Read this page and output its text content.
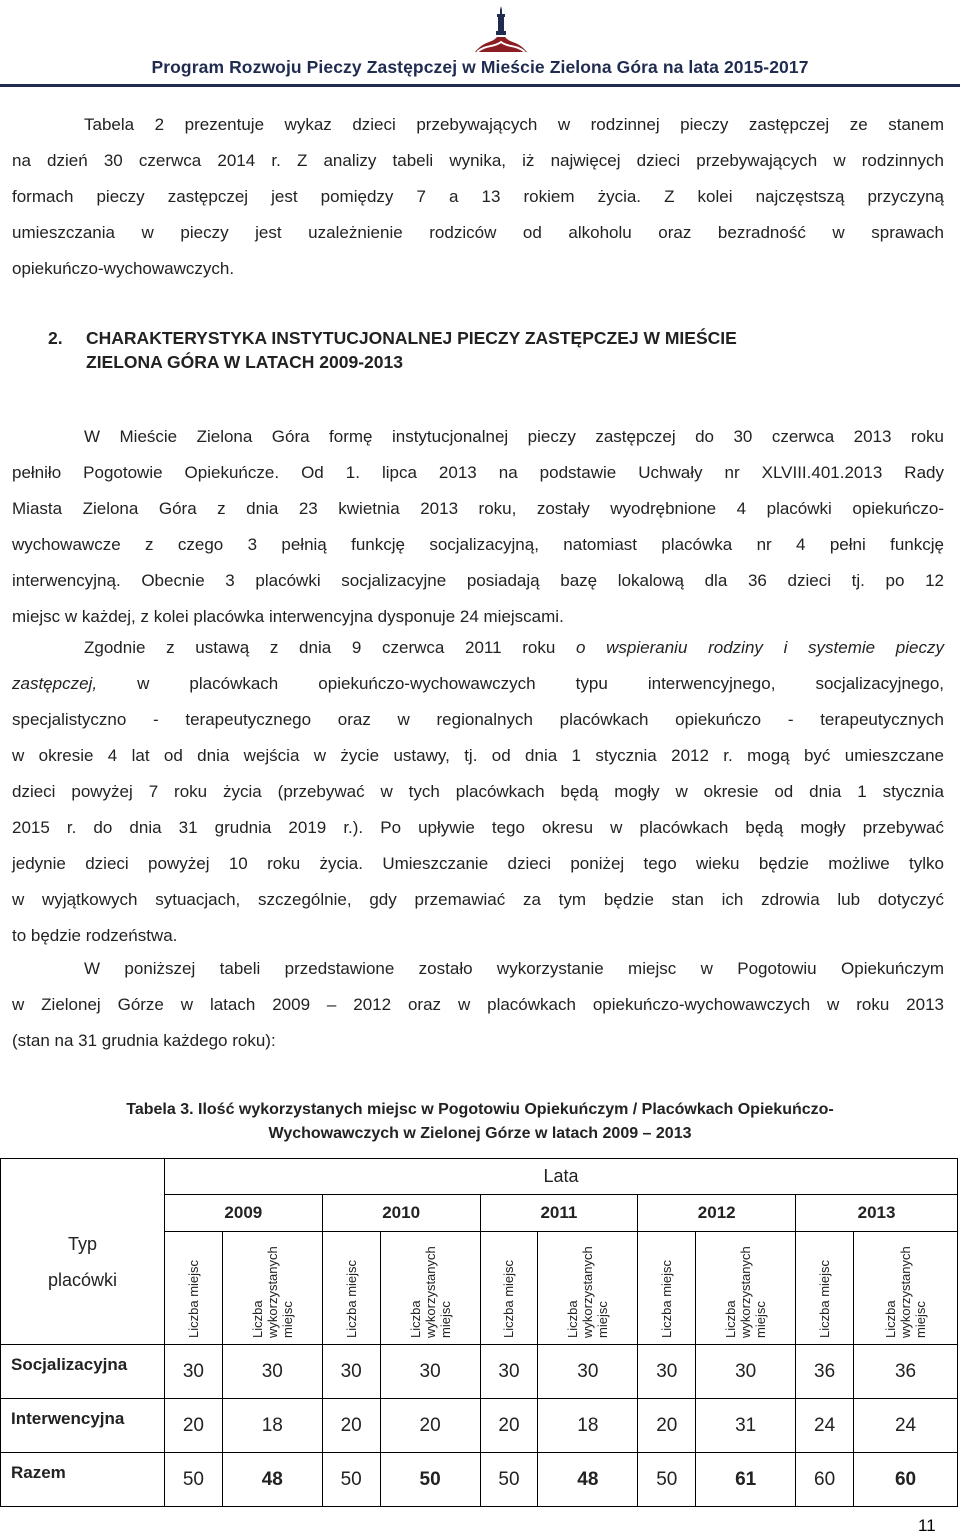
Program Rozwoju Pieczy Zastępczej w Mieście Zielona Góra na lata 2015-2017
Tabela 2 prezentuje wykaz dzieci przebywających w rodzinnej pieczy zastępczej ze stanem
na dzień 30 czerwca 2014 r. Z analizy tabeli wynika, iż najwięcej dzieci przebywających w rodzinnych
formach pieczy zastępczej jest pomiędzy 7 a 13 rokiem życia. Z kolei najczęstszą przyczyną
umieszczania w pieczy jest uzależnienie rodziców od alkoholu oraz bezradność w sprawach
opiekuńczo-wychowawczych.
2. CHARAKTERYSTYKA INSTYTUCJONALNEJ PIECZY ZASTĘPCZEJ W MIEŚCIE
ZIELONA GÓRA W LATACH 2009-2013
W Mieście Zielona Góra formę instytucjonalnej pieczy zastępczej do 30 czerwca 2013 roku
pełniło Pogotowie Opiekuńcze. Od 1. lipca 2013 na podstawie Uchwały nr XLVIII.401.2013 Rady
Miasta Zielona Góra z dnia 23 kwietnia 2013 roku, zostały wyodrębnione 4 placówki opiekuńczo-
wychowawcze z czego 3 pełnią funkcję socjalizacyjną, natomiast placówka nr 4 pełni funkcję
interwencyjną. Obecnie 3 placówki socjalizacyjne posiadają bazę lokalową dla 36 dzieci tj. po 12
miejsc w każdej, z kolei placówka interwencyjna dysponuje 24 miejscami.
Zgodnie z ustawą z dnia 9 czerwca 2011 roku o wspieraniu rodziny i systemie pieczy
zastępczej, w placówkach opiekuńczo-wychowawczych typu interwencyjnego, socjalizacyjnego,
specjalistyczno - terapeutycznego oraz w regionalnych placówkach opiekuńczo - terapeutycznych
w okresie 4 lat od dnia wejścia w życie ustawy, tj. od dnia 1 stycznia 2012 r. mogą być umieszczane
dzieci powyżej 7 roku życia (przebywać w tych placówkach będą mogły w okresie od dnia 1 stycznia
2015 r. do dnia 31 grudnia 2019 r.). Po upływie tego okresu w placówkach będą mogły przebywać
jedynie dzieci powyżej 10 roku życia. Umieszczanie dzieci poniżej tego wieku będzie możliwe tylko
w wyjątkowych sytuacjach, szczególnie, gdy przemawiać za tym będzie stan ich zdrowia lub dotyczyć
to będzie rodzeństwa.
W poniższej tabeli przedstawione zostało wykorzystanie miejsc w Pogotowiu Opiekuńczym
w Zielonej Górze w latach 2009 – 2012 oraz w placówkach opiekuńczo-wychowawczych w roku 2013
(stan na 31 grudnia każdego roku):
Tabela 3. Ilość wykorzystanych miejsc w Pogotowiu Opiekuńczym / Placówkach Opiekuńczo-
Wychowawczych w Zielonej Górze w latach 2009 – 2013
Typ
placówki	Lata									
	2009		2010		2011		2012		2013	
	Liczba miejsc	Liczba
wykorzystanych
miejsc	Liczba miejsc	Liczba
wykorzystanych
miejsc	Liczba miejsc	Liczba
wykorzystanych
miejsc	Liczba miejsc	Liczba
wykorzystanych
miejsc	Liczba miejsc	Liczba
wykorzystanych
miejsc
Socjalizacyjna	30	30	30	30	30	30	30	30	36	36
Interwencyjna	20	18	20	20	20	18	20	31	24	24
Razem	50	48	50	50	50	48	50	61	60	60
11
